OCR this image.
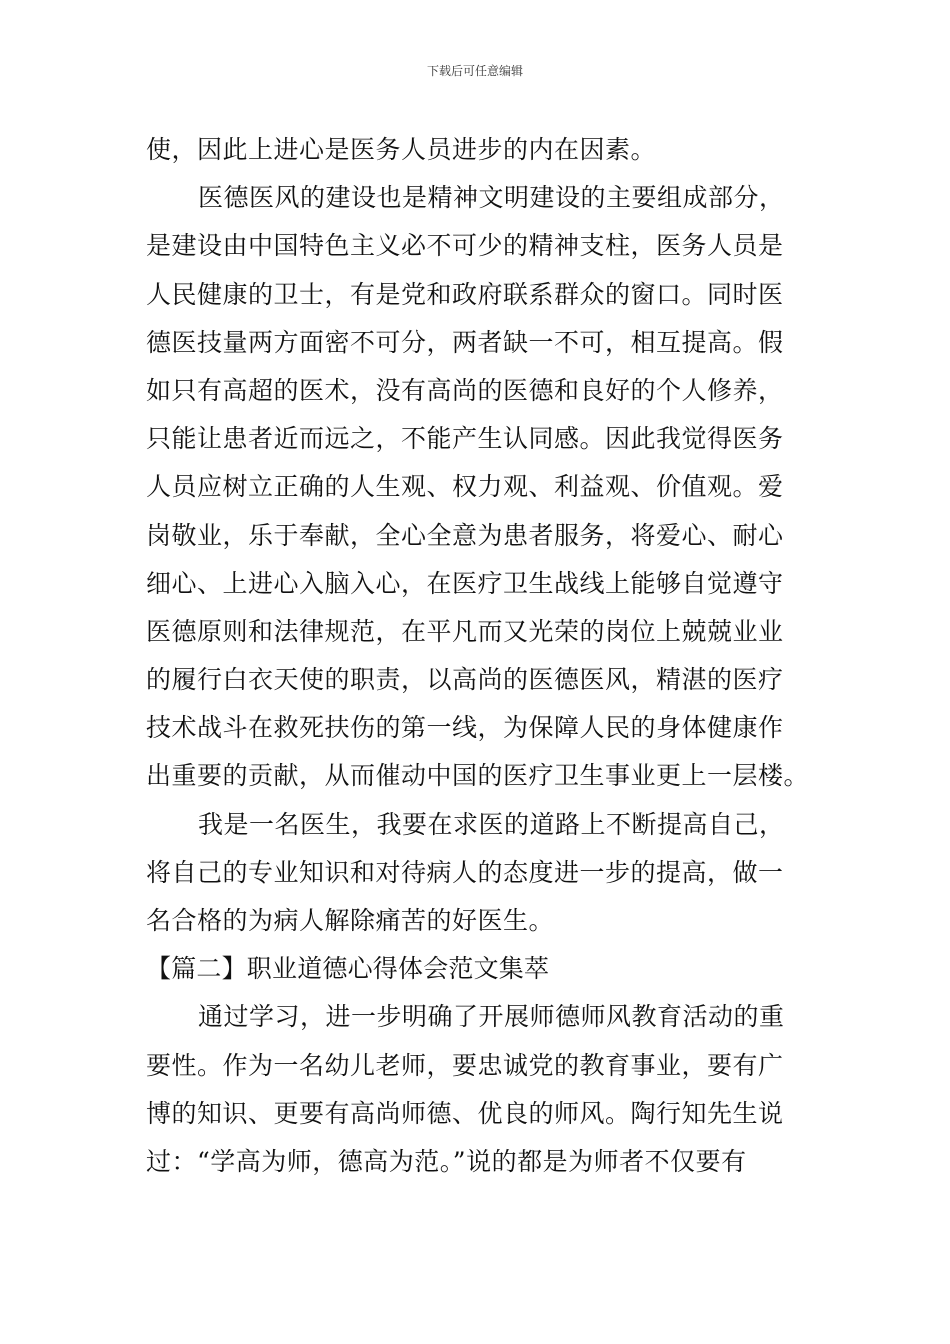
下载后可任意编辑
使，因此上进心是医务人员进步的内在因素。
医德医风的建设也是精神文明建设的主要组成部分，
是建设由中国特色主义必不可少的精神支柱，医务人员是
人民健康的卫士，有是党和政府联系群众的窗口。同时医
德医技量两方面密不可分，两者缺一不可，相互提高。假
如只有高超的医术，没有高尚的医德和良好的个人修养，
只能让患者近而远之，不能产生认同感。因此我觉得医务
人员应树立正确的人生观、权力观、利益观、价值观。爱
岗敬业，乐于奉献，全心全意为患者服务，将爱心、耐心
细心、上进心入脑入心，在医疗卫生战线上能够自觉遵守
医德原则和法律规范，在平凡而又光荣的岗位上兢兢业业
的履行白衣天使的职责，以高尚的医德医风，精湛的医疗
技术战斗在救死扶伤的第一线，为保障人民的身体健康作
出重要的贡献，从而催动中国的医疗卫生事业更上一层楼。
我是一名医生，我要在求医的道路上不断提高自己，
将自己的专业知识和对待病人的态度进一步的提高，做一
名合格的为病人解除痛苦的好医生。
【篇二】职业道德心得体会范文集萃
通过学习，进一步明确了开展师德师风教育活动的重
要性。作为一名幼儿老师，要忠诚党的教育事业，要有广
博的知识、更要有高尚师德、优良的师风。陶行知先生说
过：“学高为师，德高为范。”说的都是为师者不仅要有
